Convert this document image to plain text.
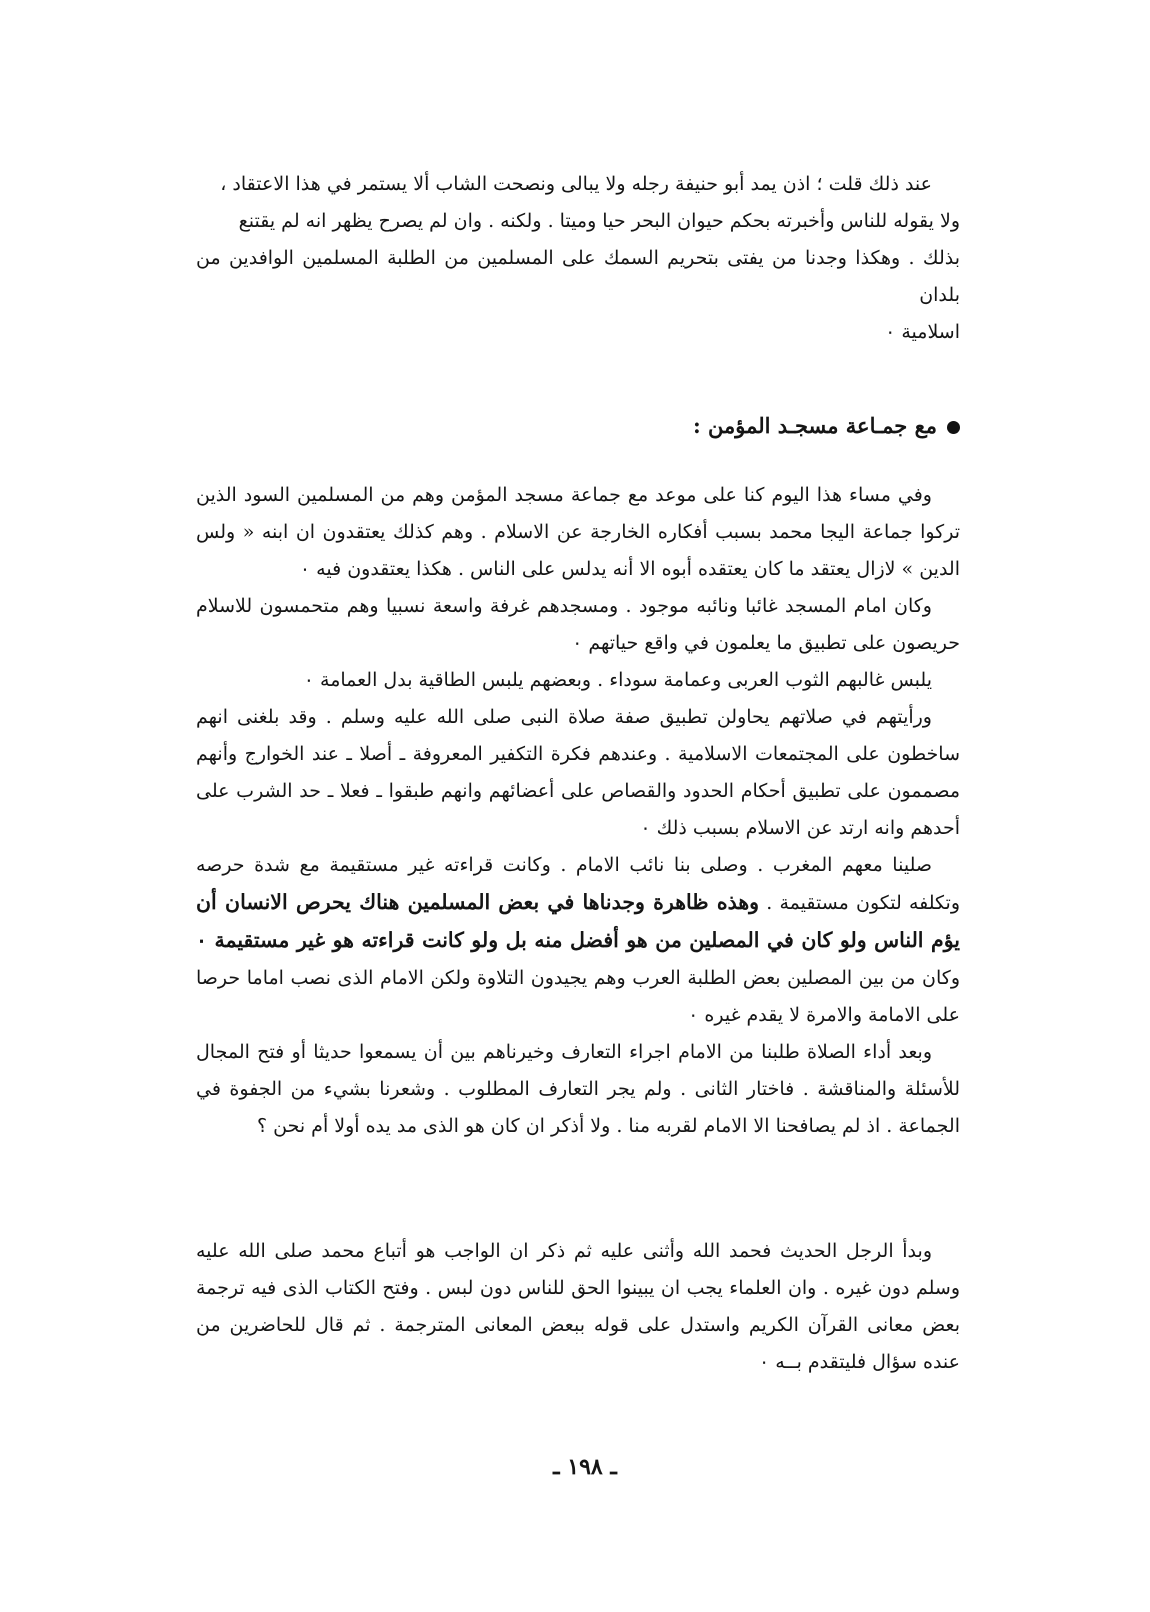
عند ذلك قلت ؛ اذن يمد أبو حنيفة رجله ولا يبالى ونصحت الشاب ألا يستمر في هذا الاعتقاد ،

ولا يقوله للناس وأخبرته بحكم حيوان البحر حيا وميتا . ولكنه . وان لم يصرح يظهر انه لم يقتنع

بذلك . وهكذا وجدنا من يفتى بتحريم السمك على المسلمين من الطلبة المسلمين الوافدين من بلدان

اسلامية ٠

مع جمـاعة مسجـد المؤمن :

وفي مساء هذا اليوم كنا على موعد مع جماعة مسجد المؤمن وهم من المسلمين السود الذين تركوا جماعة اليجا محمد بسبب أفكاره الخارجة عن الاسلام . وهم كذلك يعتقدون ان ابنه « ولس الدين » لازال يعتقد ما كان يعتقده أبوه الا أنه يدلس على الناس . هكذا يعتقدون فيه ٠

وكان امام المسجد غائبا ونائبه موجود . ومسجدهم غرفة واسعة نسبيا وهم متحمسون للاسلام حريصون على تطبيق ما يعلمون في واقع حياتهم ٠

يلبس غالبهم الثوب العربى وعمامة سوداء . وبعضهم يلبس الطاقية بدل العمامة ٠

ورأيتهم في صلاتهم يحاولن تطبيق صفة صلاة النبى صلى الله عليه وسلم . وقد بلغنى انهم ساخطون على المجتمعات الاسلامية . وعندهم فكرة التكفير المعروفة ـ أصلا ـ عند الخوارج وأنهم مصممون على تطبيق أحكام الحدود والقصاص على أعضائهم وانهم طبقوا ـ فعلا ـ حد الشرب على أحدهم وانه ارتد عن الاسلام بسبب ذلك ٠

صلينا معهم المغرب . وصلى بنا نائب الامام . وكانت قراءته غير مستقيمة مع شدة حرصه وتكلفه لتكون مستقيمة . وهذه ظاهرة وجدناها في بعض المسلمين هناك يحرص الانسان أن يؤم الناس ولو كان في المصلين من هو أفضل منه بل ولو كانت قراءته هو غير مستقيمة ٠ وكان من بين المصلين بعض الطلبة العرب وهم يجيدون التلاوة ولكن الامام الذى نصب اماما حرصا على الامامة والامرة لا يقدم غيره ٠

وبعد أداء الصلاة طلبنا من الامام اجراء التعارف وخيرناهم بين أن يسمعوا حديثا أو فتح المجال للأسئلة والمناقشة . فاختار الثانى . ولم يجر التعارف المطلوب . وشعرنا بشيء من الجفوة في الجماعة . اذ لم يصافحنا الا الامام لقربه منا . ولا أذكر ان كان هو الذى مد يده أولا أم نحن ؟

وبدأ الرجل الحديث فحمد الله وأثنى عليه ثم ذكر ان الواجب هو أتباع محمد صلى الله عليه وسلم دون غيره . وان العلماء يجب ان يبينوا الحق للناس دون لبس . وفتح الكتاب الذى فيه ترجمة بعض معانى القرآن الكريم واستدل على قوله ببعض المعانى المترجمة . ثم قال للحاضرين من عنده سؤال فليتقدم بــه ٠

ـ ١٩٨ ـ
